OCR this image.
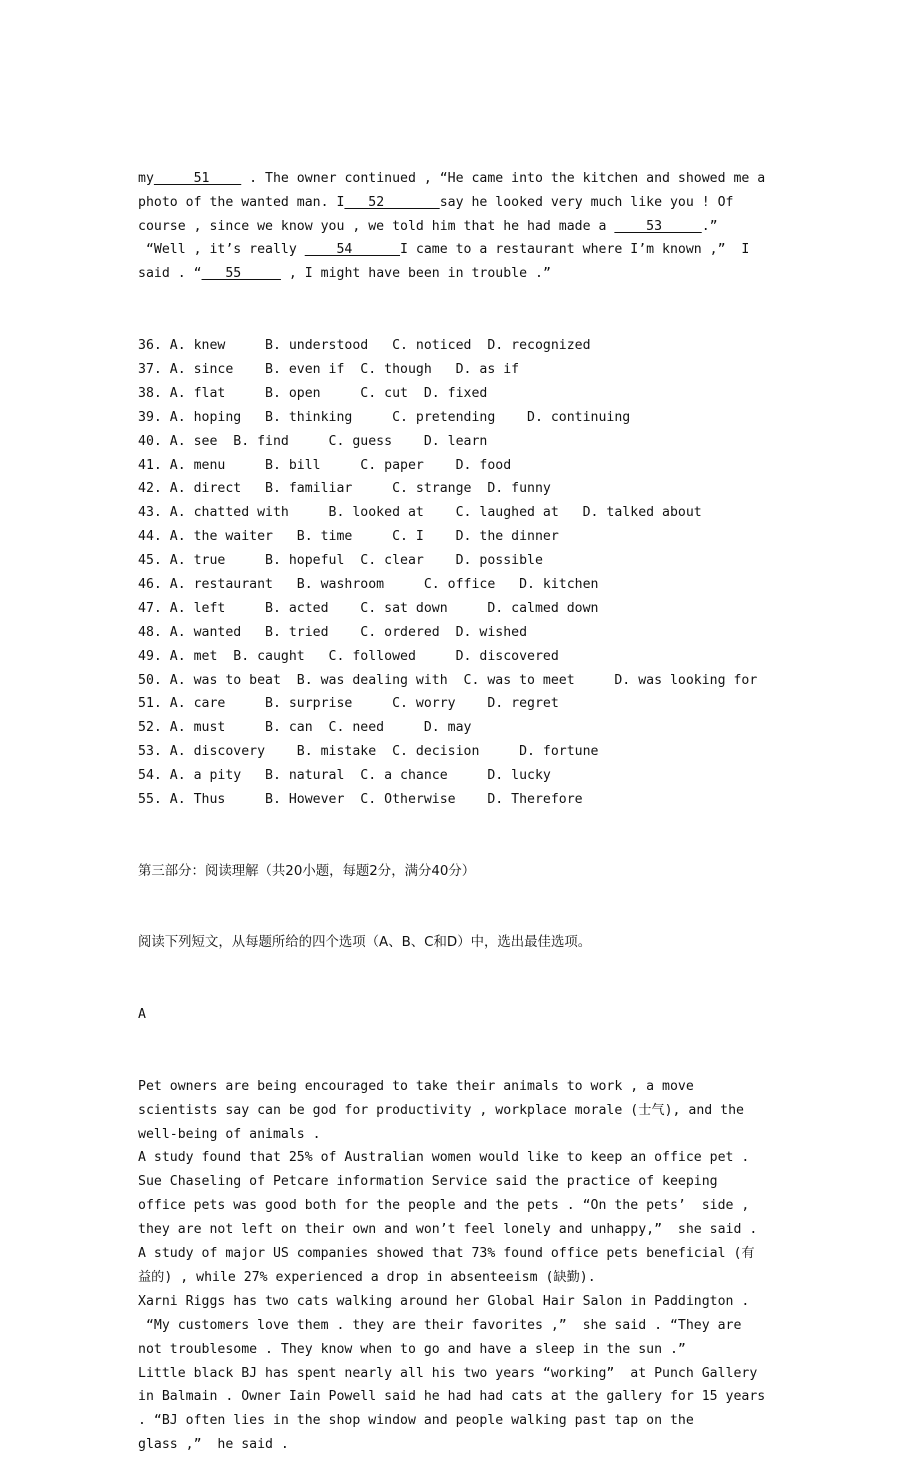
my     51     . The owner continued , “He came into the kitchen and showed me a
photo of the wanted man. I   52       say he looked very much like you ! Of
course , since we know you , we told him that he had made a     53     .”
“Well , it’s really     54      I came to a restaurant where I’m known ,”  I
said . “   55      , I might have been in trouble .”

36. A. knew     B. understood   C. noticed  D. recognized
37. A. since    B. even if  C. though   D. as if
38. A. flat     B. open     C. cut  D. fixed
39. A. hoping   B. thinking     C. pretending    D. continuing
40. A. see  B. find     C. guess    D. learn
41. A. menu     B. bill     C. paper    D. food
42. A. direct   B. familiar     C. strange  D. funny
43. A. chatted with     B. looked at    C. laughed at   D. talked about
44. A. the waiter   B. time     C. I    D. the dinner
45. A. true     B. hopeful  C. clear    D. possible
46. A. restaurant   B. washroom     C. office   D. kitchen
47. A. left     B. acted    C. sat down     D. calmed down
48. A. wanted   B. tried    C. ordered  D. wished
49. A. met  B. caught   C. followed     D. discovered
50. A. was to beat  B. was dealing with  C. was to meet     D. was looking for
51. A. care     B. surprise     C. worry    D. regret
52. A. must     B. can  C. need     D. may
53. A. discovery    B. mistake  C. decision     D. fortune
54. A. a pity   B. natural  C. a chance     D. lucky
55. A. Thus     B. However  C. Otherwise    D. Therefore

第三部分：阅读理解（共20小题，每题2分，满分40分）

阅读下列短文，从每题所给的四个选项（A、B、C和D）中，选出最佳选项。

A

Pet owners are being encouraged to take their animals to work , a move
scientists say can be god for productivity , workplace morale (士气), and the
well-being of animals .
A study found that 25% of Australian women would like to keep an office pet .
Sue Chaseling of Petcare information Service said the practice of keeping
office pets was good both for the people and the pets . “On the pets’  side ,
they are not left on their own and won’t feel lonely and unhappy,”  she said .
A study of major US companies showed that 73% found office pets beneficial (有
益的) , while 27% experienced a drop in absenteeism (缺勤).
Xarni Riggs has two cats walking around her Global Hair Salon in Paddington .
“My customers love them . they are their favorites ,”  she said . “They are
not troublesome . They know when to go and have a sleep in the sun .”
Little black BJ has spent nearly all his two years “working”  at Punch Gallery
in Balmain . Owner Iain Powell said he had had cats at the gallery for 15 years
. “BJ often lies in the shop window and people walking past tap on the
glass ,”  he said .
